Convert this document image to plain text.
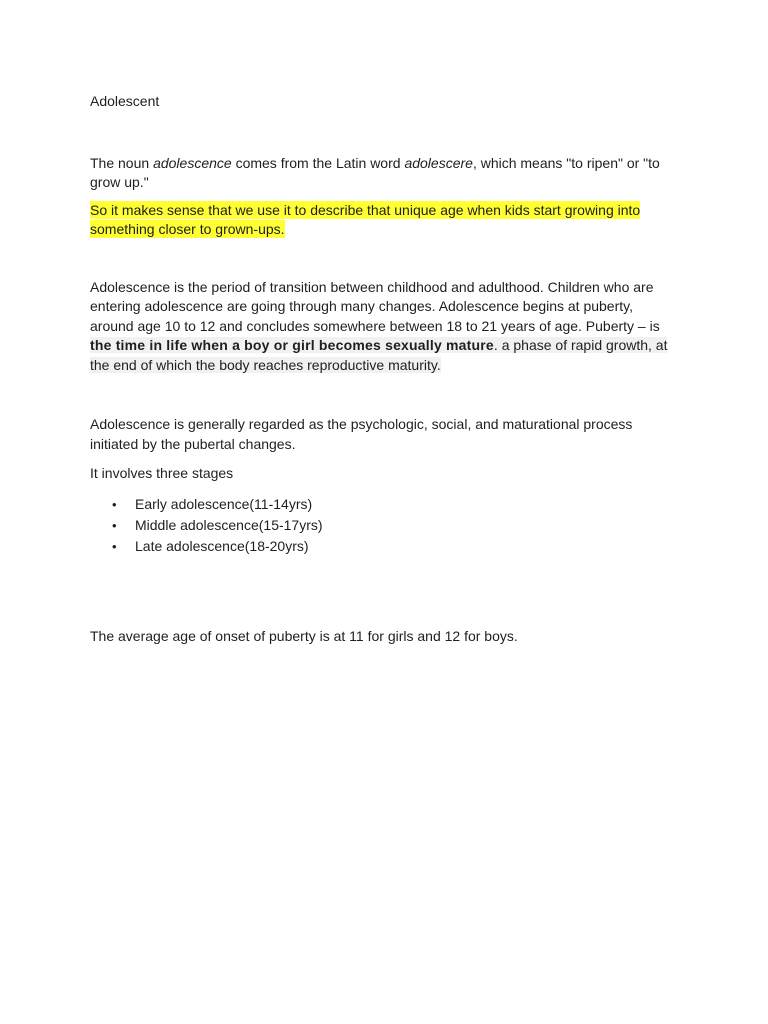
Adolescent

The noun adolescence comes from the Latin word adolescere, which means "to ripen" or "to grow up."

So it makes sense that we use it to describe that unique age when kids start growing into something closer to grown-ups.

Adolescence is the period of transition between childhood and adulthood. Children who are entering adolescence are going through many changes. Adolescence begins at puberty, around age 10 to 12 and concludes somewhere between 18 to 21 years of age. Puberty – is the time in life when a boy or girl becomes sexually mature. a phase of rapid growth, at the end of which the body reaches reproductive maturity.

Adolescence is generally regarded as the psychologic, social, and maturational process initiated by the pubertal changes.

It involves three stages

• Early adolescence(11-14yrs)
• Middle adolescence(15-17yrs)
• Late adolescence(18-20yrs)

The average age of onset of puberty is at 11 for girls and 12 for boys.
